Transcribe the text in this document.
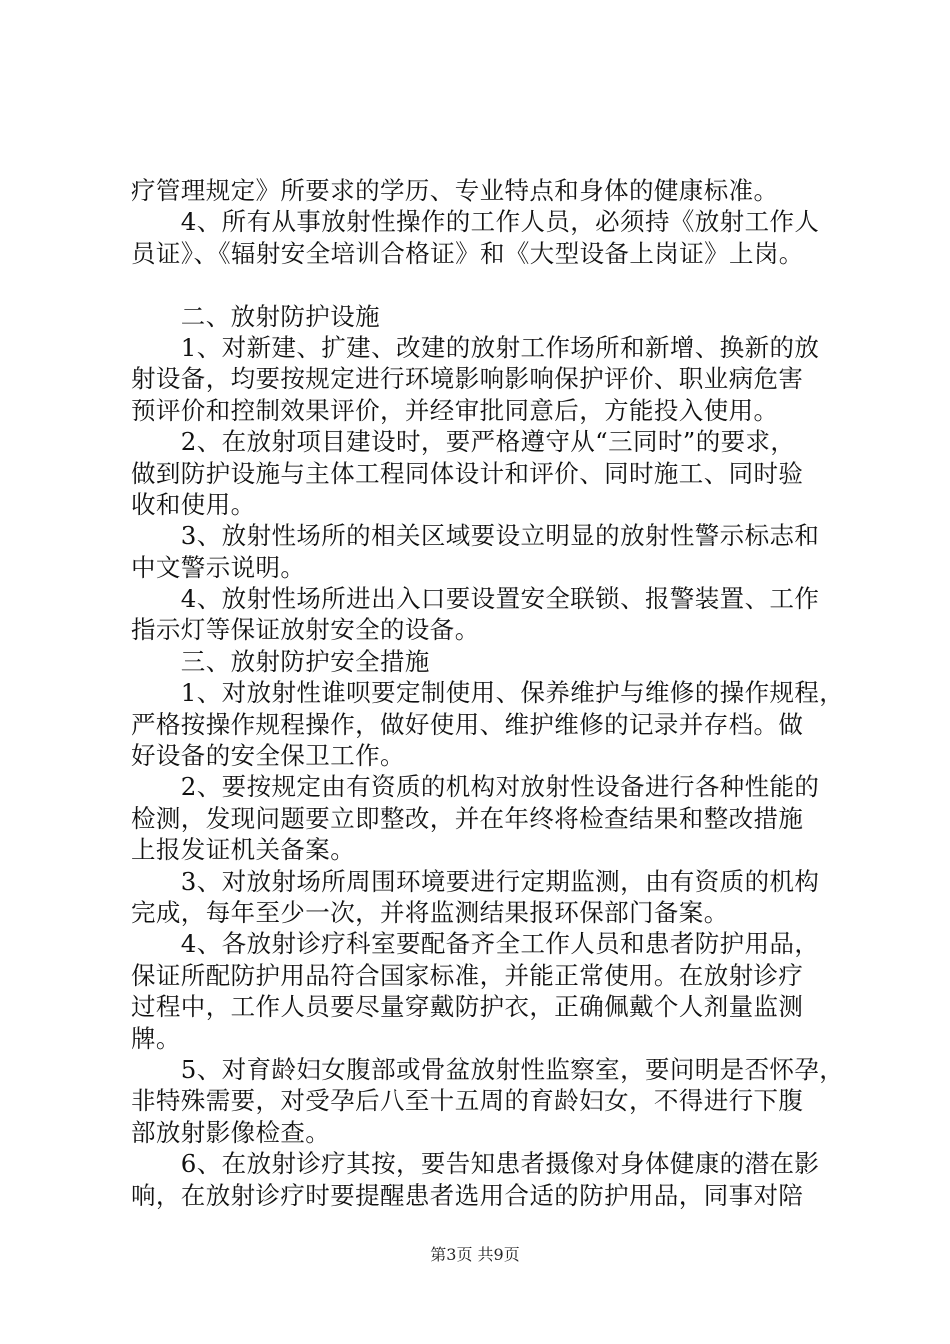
疗管理规定》所要求的学历、专业特点和身体的健康标准。
　　4、所有从事放射性操作的工作人员，必须持《放射工作人
员证》、《辐射安全培训合格证》和《大型设备上岗证》上岗。
　　二、放射防护设施
　　1、对新建、扩建、改建的放射工作场所和新增、换新的放
射设备，均要按规定进行环境影响影响保护评价、职业病危害
预评价和控制效果评价，并经审批同意后，方能投入使用。
　　2、在放射项目建设时，要严格遵守从“三同时”的要求，
做到防护设施与主体工程同体设计和评价、同时施工、同时验
收和使用。
　　3、放射性场所的相关区域要设立明显的放射性警示标志和
中文警示说明。
　　4、放射性场所进出入口要设置安全联锁、报警装置、工作
指示灯等保证放射安全的设备。
　　三、放射防护安全措施
　　1、对放射性谁呗要定制使用、保养维护与维修的操作规程，
严格按操作规程操作，做好使用、维护维修的记录并存档。做
好设备的安全保卫工作。
　　2、要按规定由有资质的机构对放射性设备进行各种性能的
检测，发现问题要立即整改，并在年终将检查结果和整改措施
上报发证机关备案。
　　3、对放射场所周围环境要进行定期监测，由有资质的机构
完成，每年至少一次，并将监测结果报环保部门备案。
　　4、各放射诊疗科室要配备齐全工作人员和患者防护用品，
保证所配防护用品符合国家标准，并能正常使用。在放射诊疗
过程中，工作人员要尽量穿戴防护衣，正确佩戴个人剂量监测
牌。
　　5、对育龄妇女腹部或骨盆放射性监察室，要问明是否怀孕，
非特殊需要，对受孕后八至十五周的育龄妇女，不得进行下腹
部放射影像检查。
　　6、在放射诊疗其按，要告知患者摄像对身体健康的潜在影
响，在放射诊疗时要提醒患者选用合适的防护用品，同事对陪
第3页 共9页
